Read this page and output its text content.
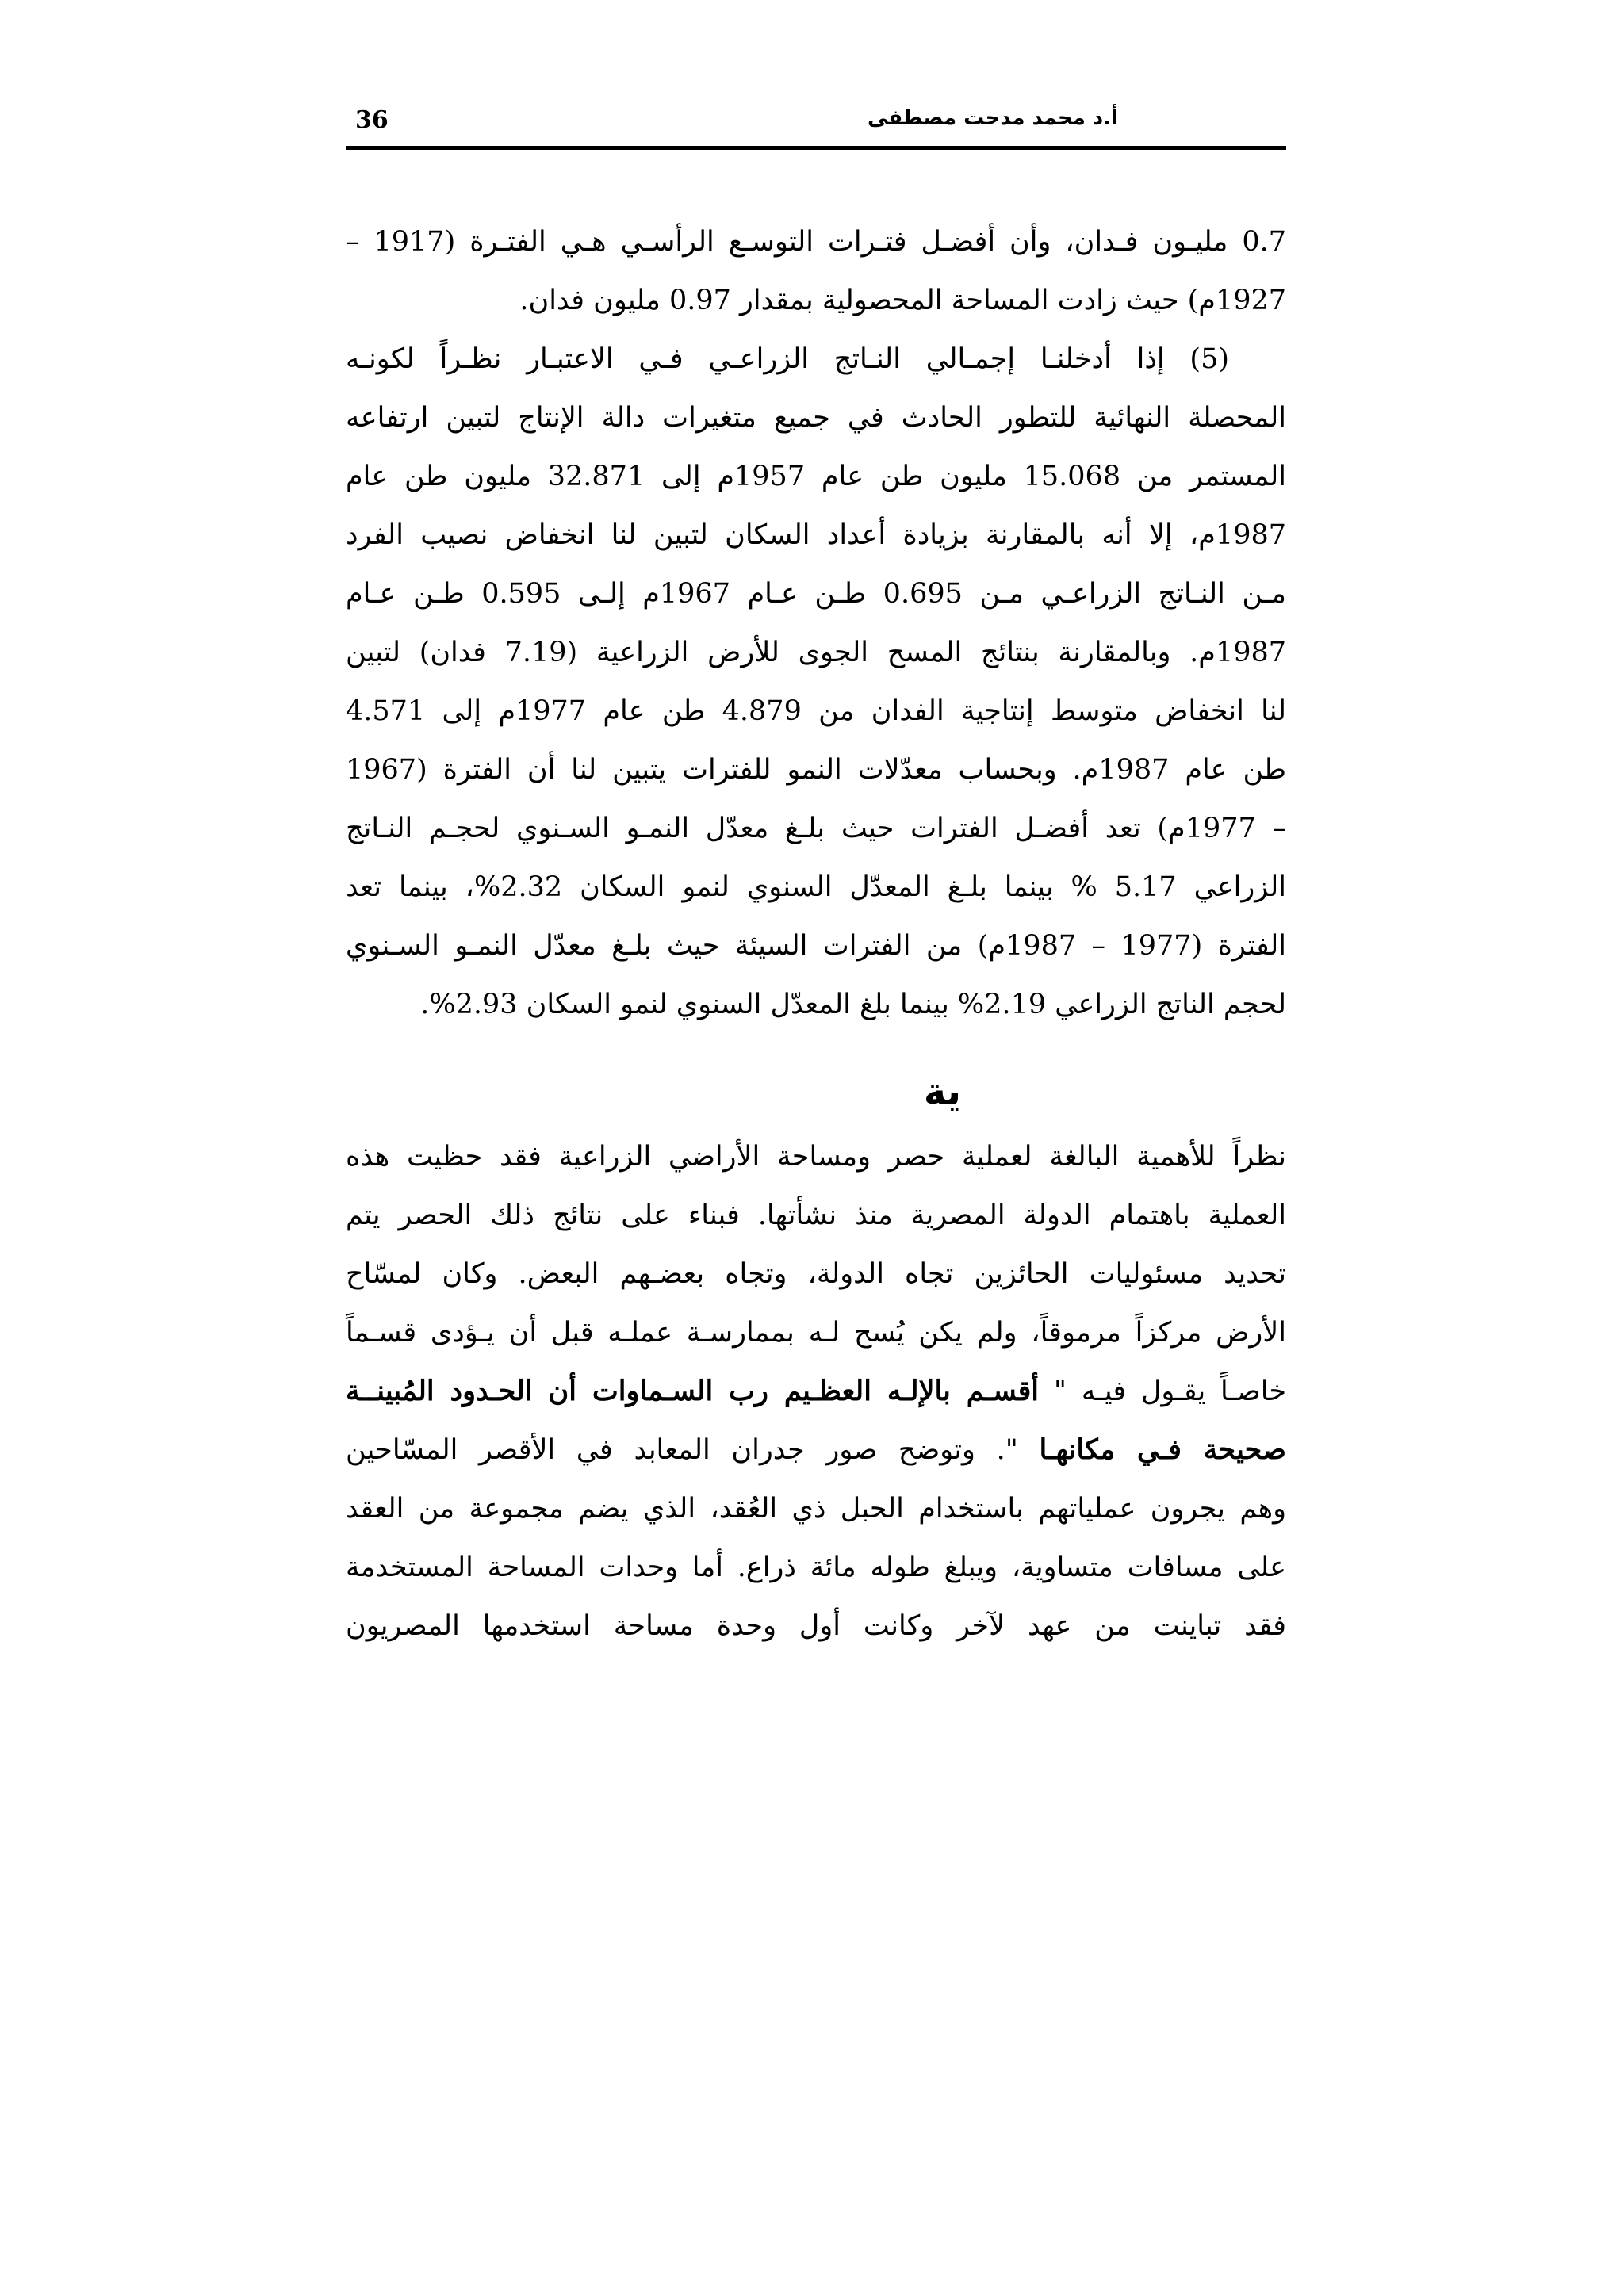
36	أ.د محمد مدحت مصطفى
0.7 مليـون فـدان، وأن أفضـل فتـرات التوسـع الرأسـي هـي الفتـرة (1917 –
1927م) حيث زادت المساحة المحصولية بمقدار 0.97 مليون فدان.
(5) إذا أدخلنـا إجمـالي النـاتج الزراعـي فـي الاعتبـار نظـراً لكونـه
المحصلة النهائية للتطور الحادث في جميع متغيرات دالة الإنتاج لتبين ارتفاعه
المستمر من 15.068 مليون طن عام 1957م إلى 32.871 مليون طن عام
1987م، إلا أنه بالمقارنة بزيادة أعداد السكان لتبين لنا انخفاض نصيب الفرد
مـن النـاتج الزراعـي مـن 0.695 طـن عـام 1967م إلـى 0.595 طـن عـام
1987م. وبالمقارنة بنتائج المسح الجوى للأرض الزراعية (7.19 فدان) لتبين
لنا انخفاض متوسط إنتاجية الفدان من 4.879 طن عام 1977م إلى 4.571
طن عام 1987م. وبحساب معدّلات النمو للفترات يتبين لنا أن الفترة (1967
– 1977م) تعد أفضـل الفترات حيث بلـغ معدّل النمـو السـنوي لحجـم النـاتج
الزراعي 5.17 % بينما بلـغ المعدّل السنوي لنمو السكان 2.32%، بينما تعد
الفترة (1977 – 1987م) من الفترات السيئة حيث بلـغ معدّل النمـو السـنوي
لحجم الناتج الزراعي 2.19% بينما بلغ المعدّل السنوي لنمو السكان 2.93%.
ية
نظراً للأهمية البالغة لعملية حصر ومساحة الأراضي الزراعية فقد حظيت هذه
العملية باهتمام الدولة المصرية منذ نشأتها. فبناء على نتائج ذلك الحصر يتم
تحديد مسئوليات الحائزين تجاه الدولة، وتجاه بعضـهم البعض. وكان لمسّاح
الأرض مركزاً مرموقاً، ولم يكن يُسح لـه بممارسـة عملـه قبل أن يـؤدى قسـماً
خاصـاً يقـول فيـه " أقسـم بالإلـه العظـيم رب السـماوات أن الحـدود المُبينــة
صحيحة فـي مكانهـا ". وتوضح صور جدران المعابد في الأقصر المسّاحين
وهم يجرون عملياتهم باستخدام الحبل ذي العُقد، الذي يضم مجموعة من العقد
على مسافات متساوية، ويبلغ طوله مائة ذراع. أما وحدات المساحة المستخدمة
فقد تباينت من عهد لآخر وكانت أول وحدة مساحة استخدمها المصريون
